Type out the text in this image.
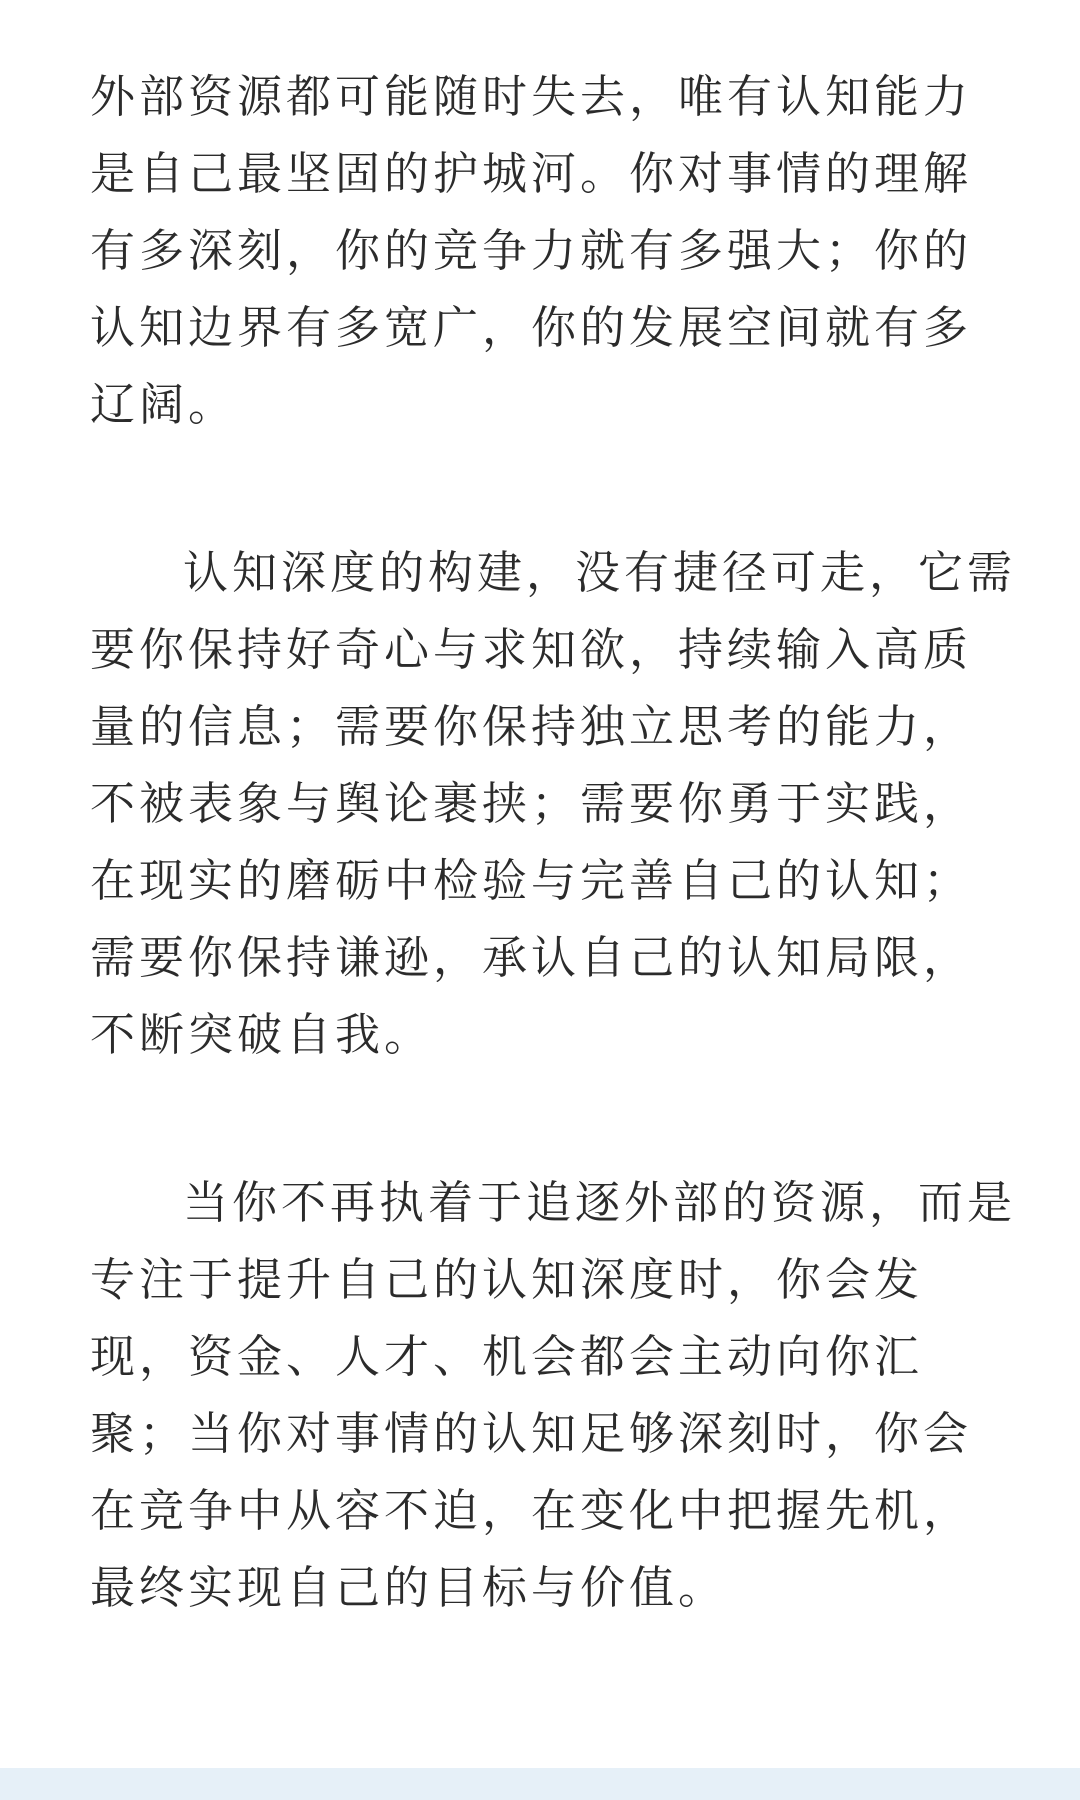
外部资源都可能随时失去，唯有认知能力
是自己最坚固的护城河。你对事情的理解
有多深刻，你的竞争力就有多强大；你的
认知边界有多宽广，你的发展空间就有多
辽阔。
认知深度的构建，没有捷径可走，它需
要你保持好奇心与求知欲，持续输入高质
量的信息；需要你保持独立思考的能力，
不被表象与舆论裹挟；需要你勇于实践，
在现实的磨砺中检验与完善自己的认知；
需要你保持谦逊，承认自己的认知局限，
不断突破自我。
当你不再执着于追逐外部的资源，而是
专注于提升自己的认知深度时，你会发
现，资金、人才、机会都会主动向你汇
聚；当你对事情的认知足够深刻时，你会
在竞争中从容不迫，在变化中把握先机，
最终实现自己的目标与价值。
